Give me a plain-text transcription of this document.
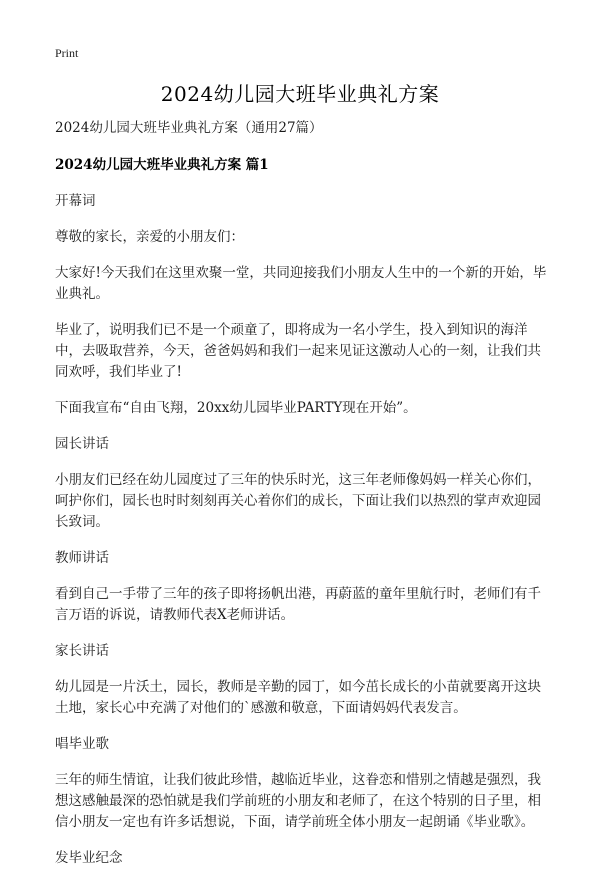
Print
2024幼儿园大班毕业典礼方案

2024幼儿园大班毕业典礼方案（通用27篇）

2024幼儿园大班毕业典礼方案 篇1

开幕词

尊敬的家长，亲爱的小朋友们：

大家好!今天我们在这里欢聚一堂，共同迎接我们小朋友人生中的一个新的开始，毕业典礼。

毕业了，说明我们已不是一个顽童了，即将成为一名小学生，投入到知识的海洋中，去吸取营养，今天，爸爸妈妈和我们一起来见证这激动人心的一刻，让我们共同欢呼，我们毕业了!

下面我宣布“自由飞翔，20xx幼儿园毕业PARTY现在开始”。

园长讲话

小朋友们已经在幼儿园度过了三年的快乐时光，这三年老师像妈妈一样关心你们，呵护你们，园长也时时刻刻再关心着你们的成长，下面让我们以热烈的掌声欢迎园长致词。

教师讲话

看到自己一手带了三年的孩子即将扬帆出港，再蔚蓝的童年里航行时，老师们有千言万语的诉说，请教师代表X老师讲话。

家长讲话

幼儿园是一片沃土，园长，教师是辛勤的园丁，如今茁长成长的小苗就要离开这块土地，家长心中充满了对他们的`感激和敬意，下面请妈妈代表发言。

唱毕业歌

三年的师生情谊，让我们彼此珍惜，越临近毕业，这眷恋和惜别之情越是强烈，我想这感触最深的恐怕就是我们学前班的小朋友和老师了，在这个特别的日子里，相信小朋友一定也有许多话想说，下面，请学前班全体小朋友一起朗诵《毕业歌》。

发毕业纪念
